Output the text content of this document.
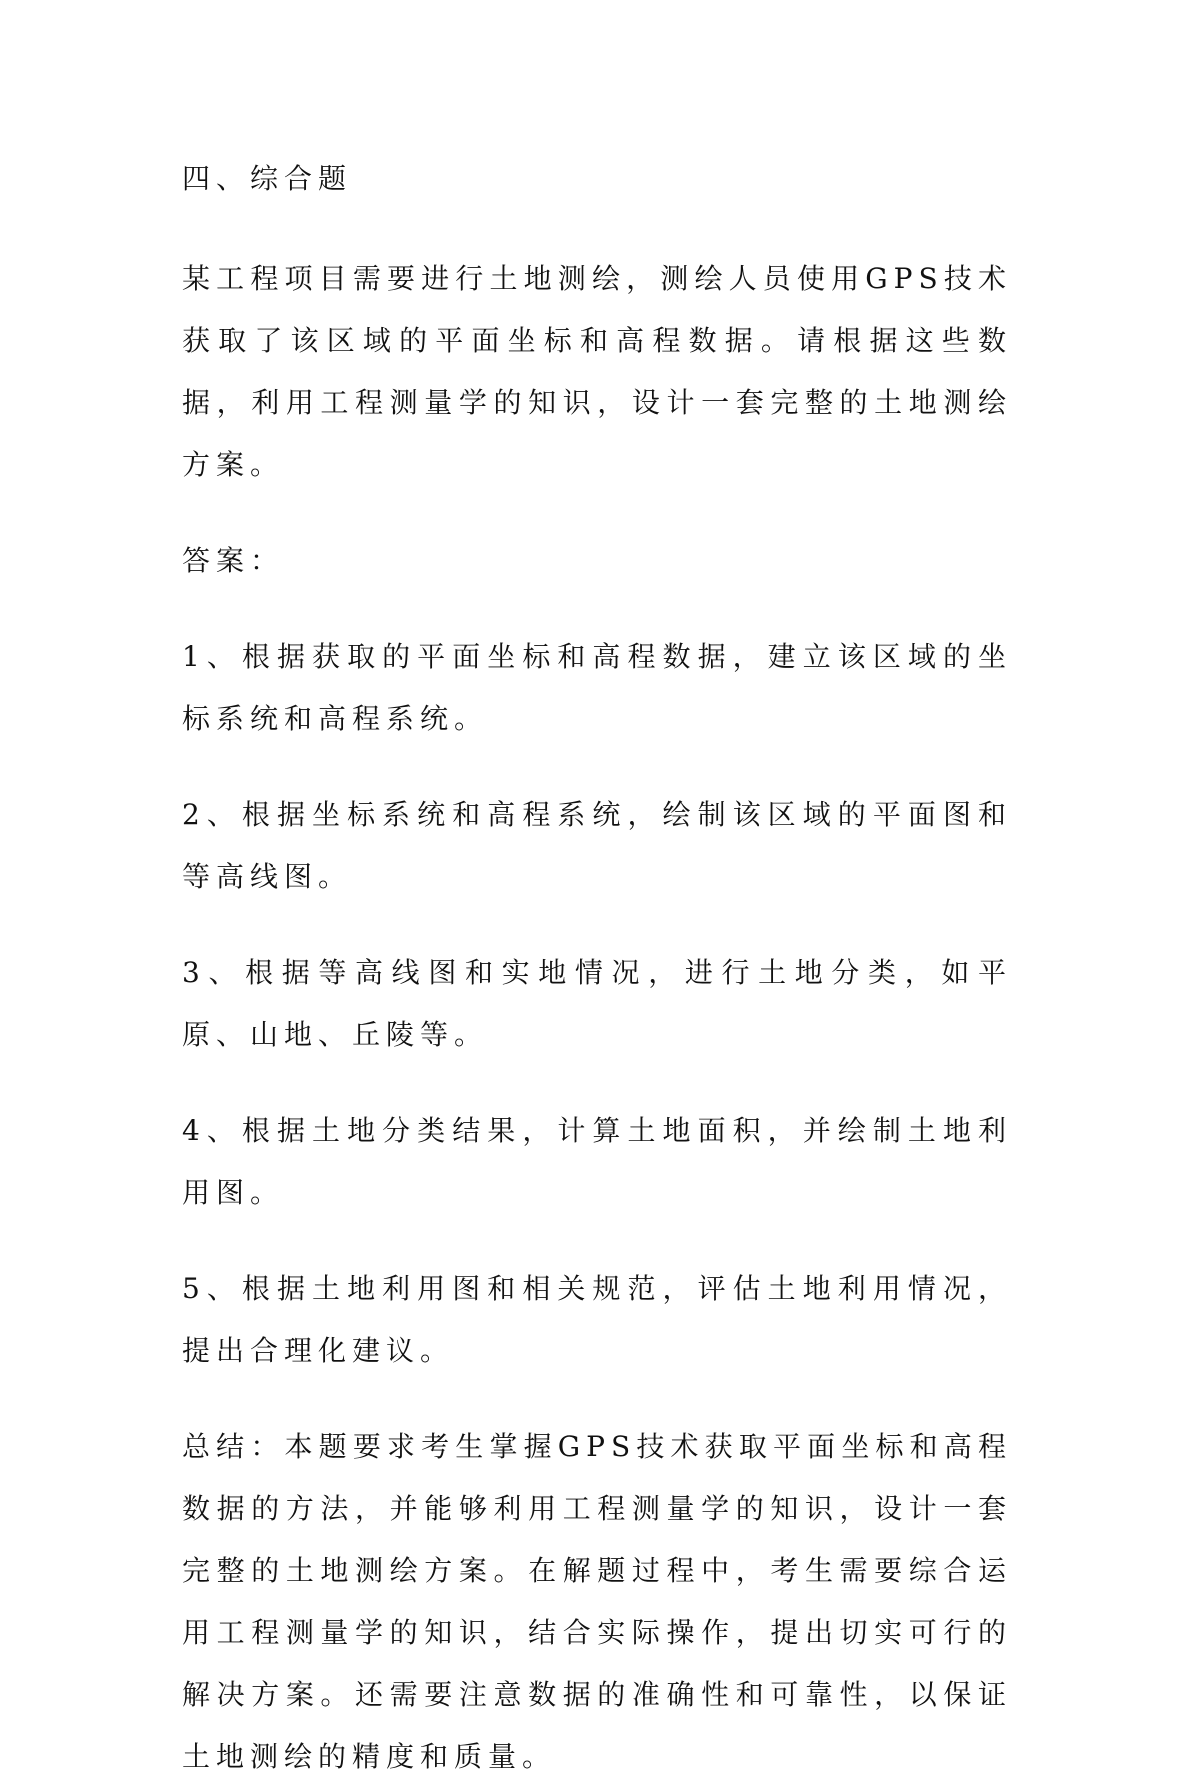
四、综合题

某工程项目需要进行土地测绘，测绘人员使用GPS技术获取了该区域的平面坐标和高程数据。请根据这些数据，利用工程测量学的知识，设计一套完整的土地测绘方案。

答案：

1、根据获取的平面坐标和高程数据，建立该区域的坐标系统和高程系统。

2、根据坐标系统和高程系统，绘制该区域的平面图和等高线图。

3、根据等高线图和实地情况，进行土地分类，如平原、山地、丘陵等。

4、根据土地分类结果，计算土地面积，并绘制土地利用图。

5、根据土地利用图和相关规范，评估土地利用情况，提出合理化建议。

总结：本题要求考生掌握GPS技术获取平面坐标和高程数据的方法，并能够利用工程测量学的知识，设计一套完整的土地测绘方案。在解题过程中，考生需要综合运用工程测量学的知识，结合实际操作，提出切实可行的解决方案。还需要注意数据的准确性和可靠性，以保证土地测绘的精度和质量。
